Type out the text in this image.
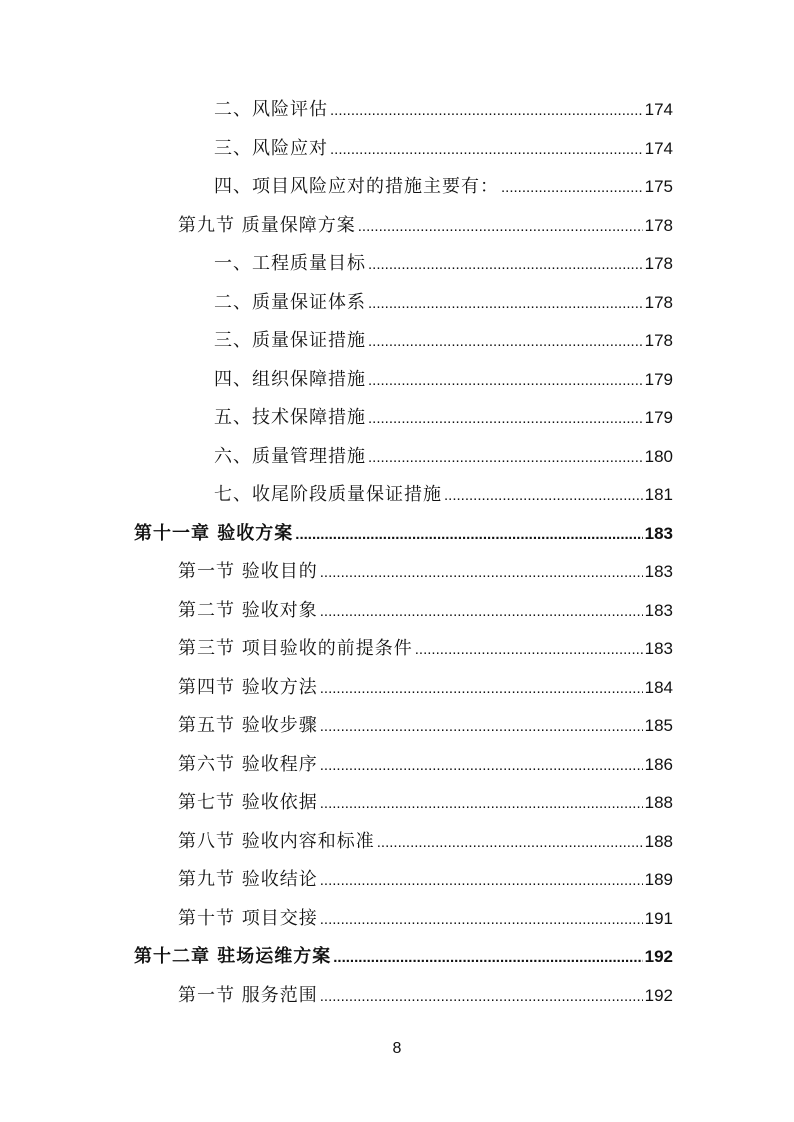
二、风险评估 .....	174
三、风险应对 .....	174
四、项目风险应对的措施主要有： .....	175
第九节 质量保障方案 .....	178
一、工程质量目标 .....	178
二、质量保证体系 .....	178
三、质量保证措施 .....	178
四、组织保障措施 .....	179
五、技术保障措施 .....	179
六、质量管理措施 .....	180
七、收尾阶段质量保证措施 .....	181
第十一章 验收方案 .....	183
第一节 验收目的 .....	183
第二节 验收对象 .....	183
第三节 项目验收的前提条件 .....	183
第四节 验收方法 .....	184
第五节 验收步骤 .....	185
第六节 验收程序 .....	186
第七节 验收依据 .....	188
第八节 验收内容和标准 .....	188
第九节 验收结论 .....	189
第十节 项目交接 .....	191
第十二章 驻场运维方案 .....	192
第一节 服务范围 .....	192
8
